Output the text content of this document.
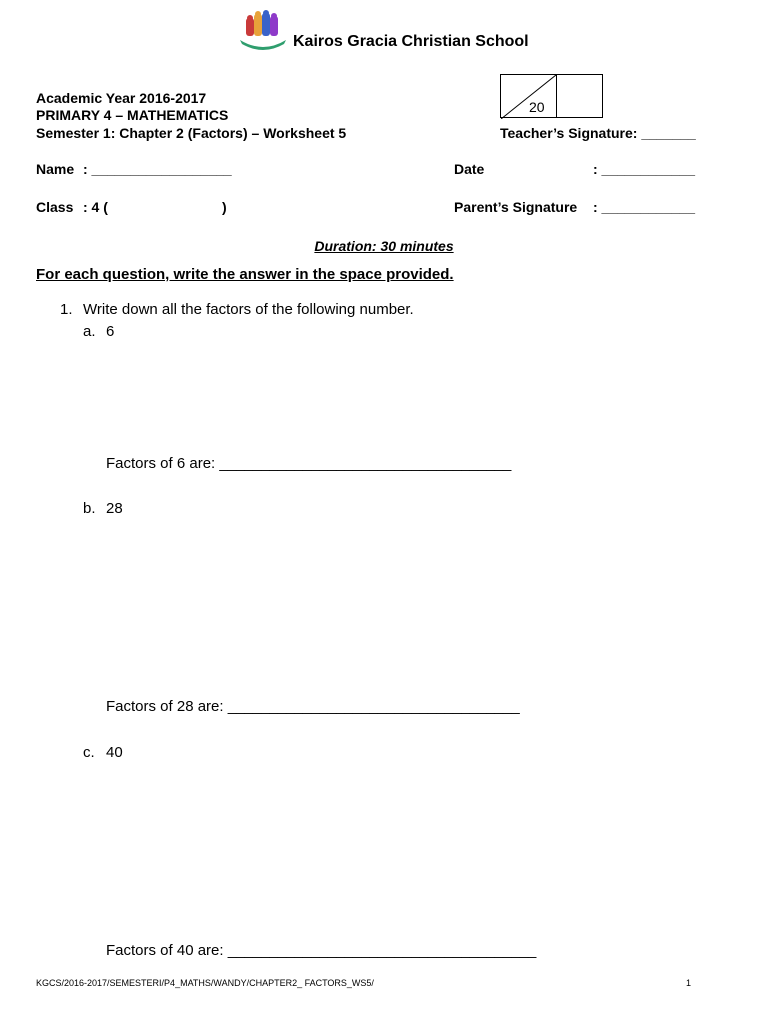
Kairos Gracia Christian School
Academic Year 2016-2017
PRIMARY 4 – MATHEMATICS
Semester 1: Chapter 2 (Factors) – Worksheet 5
20
Teacher’s Signature: _______
Name : __________________	Date	: ____________
Class : 4 (	)	Parent’s Signature : ____________
Duration: 30 minutes
For each question, write the answer in the space provided.
1. Write down all the factors of the following number.
a. 6
Factors of 6 are: ___________________________________
b. 28
Factors of 28 are: ___________________________________
c. 40
Factors of 40 are: _____________________________________
KGCS/2016-2017/SEMESTERI/P4_MATHS/WANDY/CHAPTER2_ FACTORS_WS5/	1
